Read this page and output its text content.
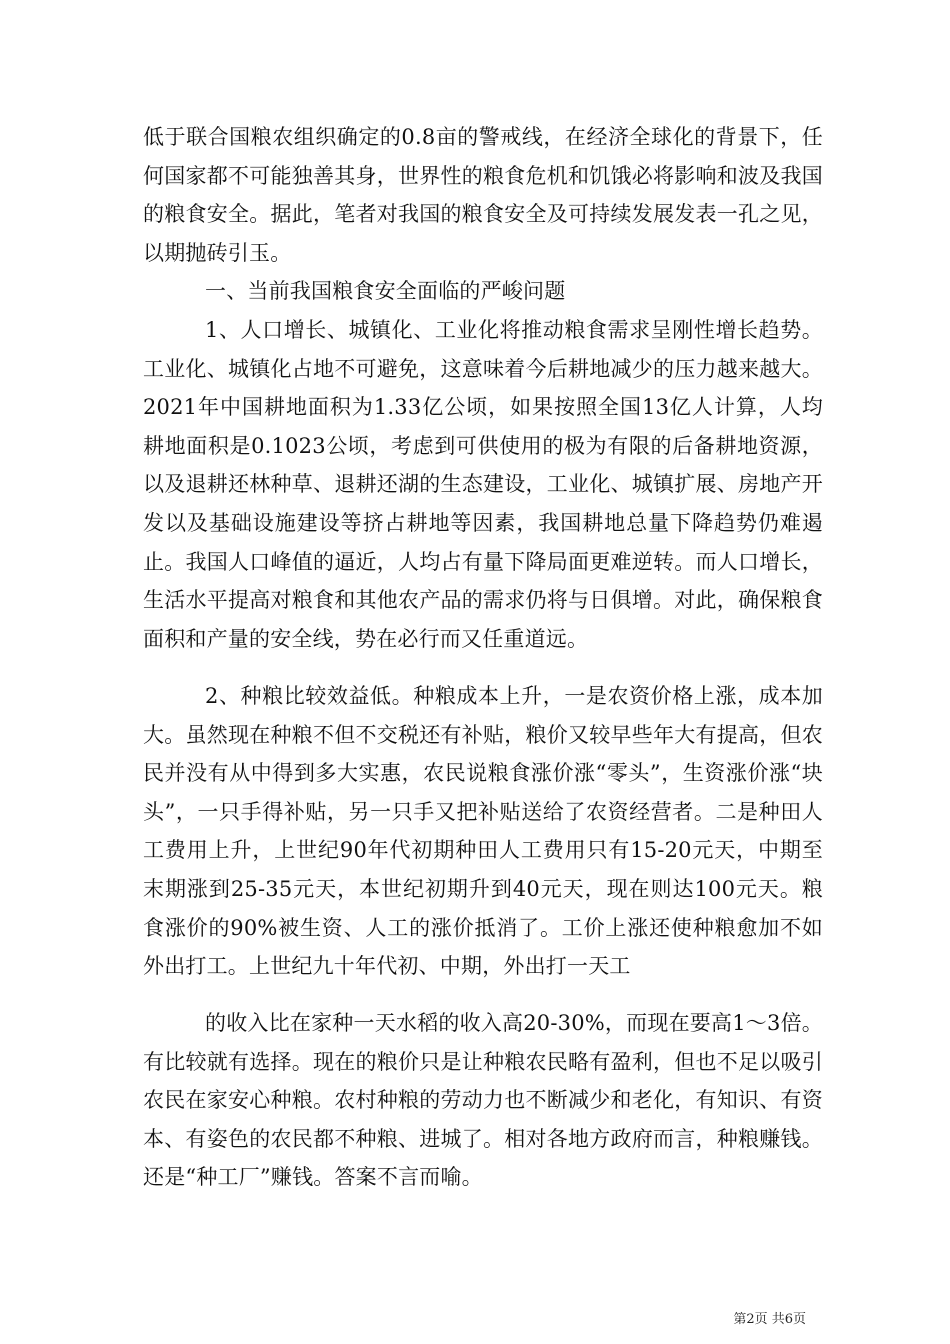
低于联合国粮农组织确定的0.8亩的警戒线，在经济全球化的背景下，任何国家都不可能独善其身，世界性的粮食危机和饥饿必将影响和波及我国的粮食安全。据此，笔者对我国的粮食安全及可持续发展发表一孔之见，以期抛砖引玉。

一、当前我国粮食安全面临的严峻问题

1、人口增长、城镇化、工业化将推动粮食需求呈刚性增长趋势。工业化、城镇化占地不可避免，这意味着今后耕地减少的压力越来越大。2021年中国耕地面积为1.33亿公顷，如果按照全国13亿人计算，人均耕地面积是0.1023公顷，考虑到可供使用的极为有限的后备耕地资源，以及退耕还林种草、退耕还湖的生态建设，工业化、城镇扩展、房地产开发以及基础设施建设等挤占耕地等因素，我国耕地总量下降趋势仍难遏止。我国人口峰值的逼近，人均占有量下降局面更难逆转。而人口增长，生活水平提高对粮食和其他农产品的需求仍将与日俱增。对此，确保粮食面积和产量的安全线，势在必行而又任重道远。

2、种粮比较效益低。种粮成本上升，一是农资价格上涨，成本加大。虽然现在种粮不但不交税还有补贴，粮价又较早些年大有提高，但农民并没有从中得到多大实惠，农民说粮食涨价涨“零头”，生资涨价涨“块头”，一只手得补贴，另一只手又把补贴送给了农资经营者。二是种田人工费用上升，上世纪90年代初期种田人工费用只有15-20元天，中期至末期涨到25-35元天，本世纪初期升到40元天，现在则达100元天。粮食涨价的90%被生资、人工的涨价抵消了。工价上涨还使种粮愈加不如外出打工。上世纪九十年代初、中期，外出打一天工

的收入比在家种一天水稻的收入高20-30%，而现在要高1～3倍。有比较就有选择。现在的粮价只是让种粮农民略有盈利，但也不足以吸引农民在家安心种粮。农村种粮的劳动力也不断减少和老化，有知识、有资本、有姿色的农民都不种粮、进城了。相对各地方政府而言，种粮赚钱。还是“种工厂”赚钱。答案不言而喻。

第2页 共6页
